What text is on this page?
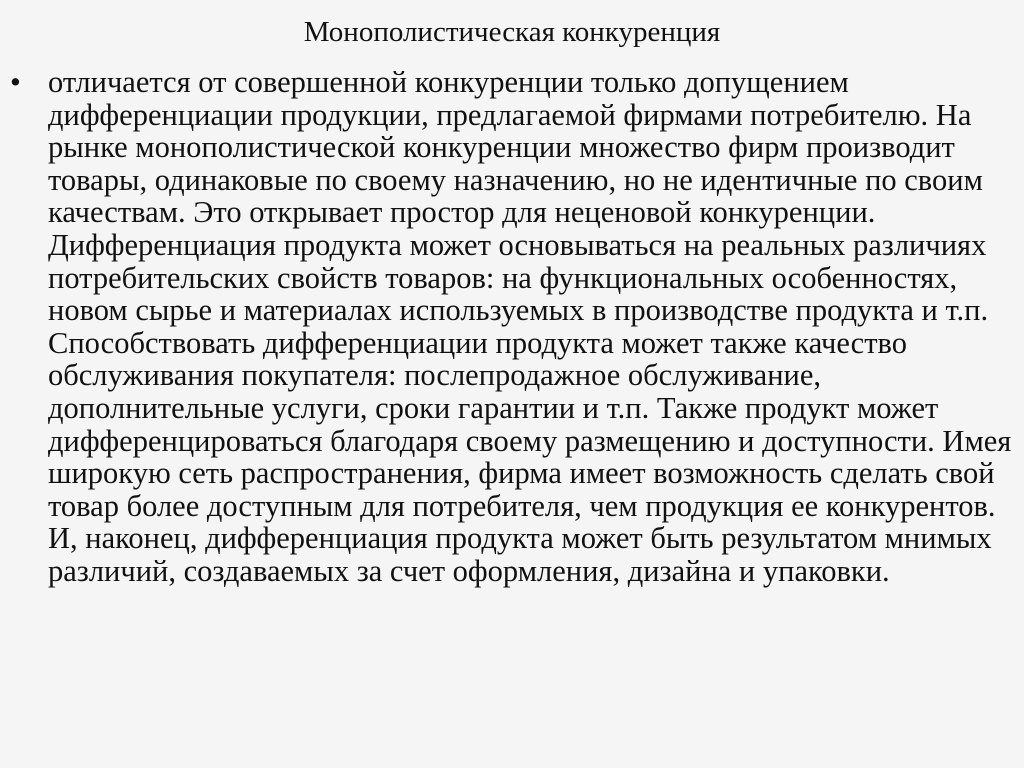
Монополистическая конкуренция
• отличается от совершенной конкуренции только допущением дифференциации продукции, предлагаемой фирмами потребителю. На рынке монополистической конкуренции множество фирм производит товары, одинаковые по своему назначению, но не идентичные по своим качествам. Это открывает простор для неценовой конкуренции. Дифференциация продукта может основываться на реальных различиях потребительских свойств товаров: на функциональных особенностях, новом сырье и материалах используемых в производстве продукта и т.п. Способствовать дифференциации продукта может также качество обслуживания покупателя: послепродажное обслуживание, дополнительные услуги, сроки гарантии и т.п. Также продукт может дифференцироваться благодаря своему размещению и доступности. Имея широкую сеть распространения, фирма имеет возможность сделать свой товар более доступным для потребителя, чем продукция ее конкурентов. И, наконец, дифференциация продукта может быть результатом мнимых различий, создаваемых за счет оформления, дизайна и упаковки.
